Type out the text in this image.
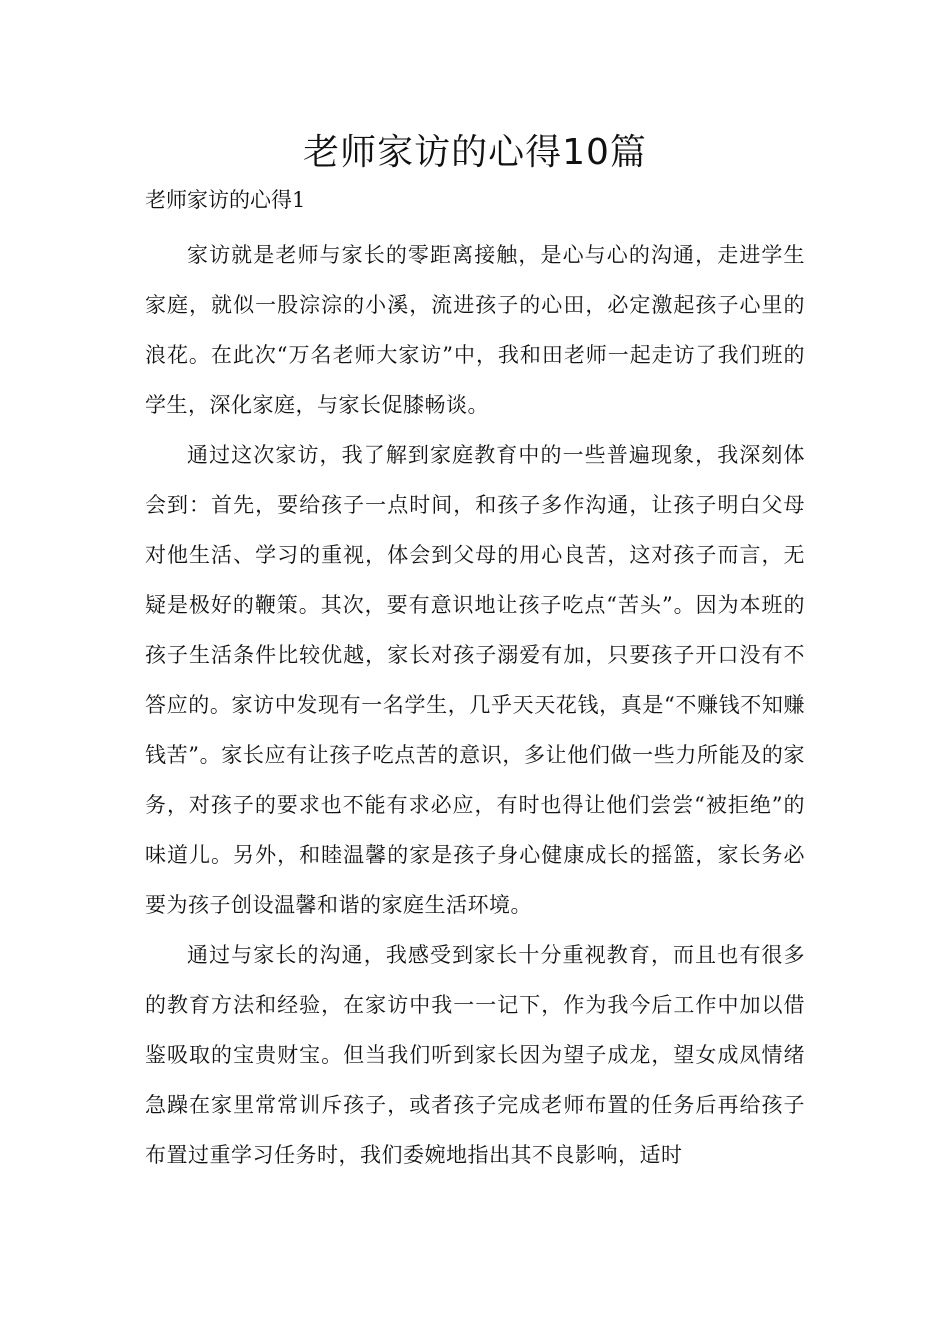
老师家访的心得10篇

老师家访的心得1

家访就是老师与家长的零距离接触，是心与心的沟通，走进学生家庭，就似一股淙淙的小溪，流进孩子的心田，必定激起孩子心里的浪花。在此次“万名老师大家访”中，我和田老师一起走访了我们班的学生，深化家庭，与家长促膝畅谈。

通过这次家访，我了解到家庭教育中的一些普遍现象，我深刻体会到：首先，要给孩子一点时间，和孩子多作沟通，让孩子明白父母对他生活、学习的重视，体会到父母的用心良苦，这对孩子而言，无疑是极好的鞭策。其次，要有意识地让孩子吃点“苦头”。因为本班的孩子生活条件比较优越，家长对孩子溺爱有加，只要孩子开口没有不答应的。家访中发现有一名学生，几乎天天花钱，真是“不赚钱不知赚钱苦”。家长应有让孩子吃点苦的意识，多让他们做一些力所能及的家务，对孩子的要求也不能有求必应，有时也得让他们尝尝“被拒绝”的味道儿。另外，和睦温馨的家是孩子身心健康成长的摇篮，家长务必要为孩子创设温馨和谐的家庭生活环境。

通过与家长的沟通，我感受到家长十分重视教育，而且也有很多的教育方法和经验，在家访中我一一记下，作为我今后工作中加以借鉴吸取的宝贵财宝。但当我们听到家长因为望子成龙，望女成凤情绪急躁在家里常常训斥孩子，或者孩子完成老师布置的任务后再给孩子布置过重学习任务时，我们委婉地指出其不良影响，适时
